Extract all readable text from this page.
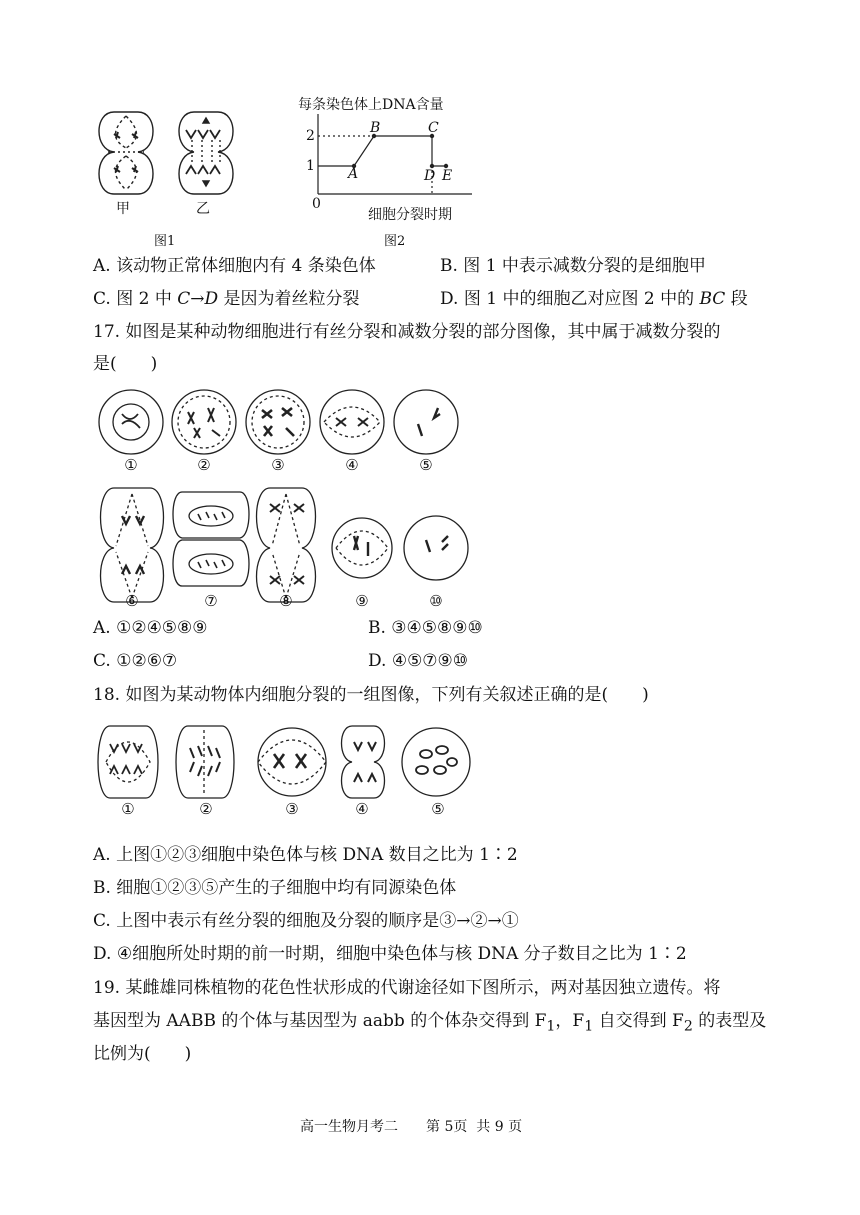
甲	乙
图1
每条染色体上DNA含量
2
1
0
A
B	C
D E
细胞分裂时期
图2
A. 该动物正常体细胞内有 4 条染色体	B. 图 1 中表示减数分裂的是细胞甲
C. 图 2 中 C→D 是因为着丝粒分裂	D. 图 1 中的细胞乙对应图 2 中的 BC 段
17. 如图是某种动物细胞进行有丝分裂和减数分裂的部分图像，其中属于减数分裂的
是(　　)
①	②	③	④	⑤
⑥	⑦	⑧	⑨	⑩
A. ①②④⑤⑧⑨	B. ③④⑤⑧⑨⑩
C. ①②⑥⑦	D. ④⑤⑦⑨⑩
18. 如图为某动物体内细胞分裂的一组图像，下列有关叙述正确的是(　　)
①	②	③	④	⑤
A. 上图①②③细胞中染色体与核 DNA 数目之比为 1∶2
B. 细胞①②③⑤产生的子细胞中均有同源染色体
C. 上图中表示有丝分裂的细胞及分裂的顺序是③→②→①
D. ④细胞所处时期的前一时期，细胞中染色体与核 DNA 分子数目之比为 1∶2
19. 某雌雄同株植物的花色性状形成的代谢途径如下图所示，两对基因独立遗传。将
基因型为 AABB 的个体与基因型为 aabb 的个体杂交得到 $F_1$，$F_1$ 自交得到 $F_2$ 的表型及
比例为(　　)
高一生物月考二　　第 5页  共 9 页
